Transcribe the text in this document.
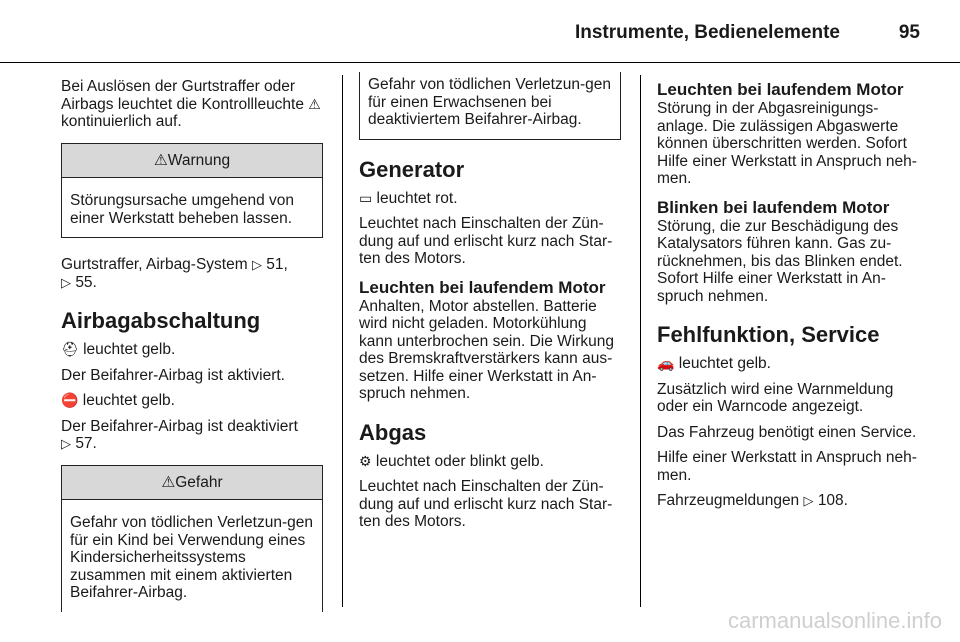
Instrumente, Bedienelemente	95

Bei Auslösen der Gurtstraffer oder Airbags leuchtet die Kontrollleuchte ⚠ kontinuierlich auf.

⚠Warnung
Störungsursache umgehend von einer Werkstatt beheben lassen.

Gurtstraffer, Airbag-System ▷ 51,
▷ 55.

Airbagabschaltung

⛑ leuchtet gelb.

Der Beifahrer-Airbag ist aktiviert.

⛔ leuchtet gelb.

Der Beifahrer-Airbag ist deaktiviert
▷ 57.

⚠Gefahr
Gefahr von tödlichen Verletzun-gen für ein Kind bei Verwendung eines Kindersicherheitssystems zusammen mit einem aktivierten Beifahrer-Airbag.
Gefahr von tödlichen Verletzun-gen für einen Erwachsenen bei deaktiviertem Beifahrer-Airbag.
Generator

▭ leuchtet rot.

Leuchtet nach Einschalten der Zün-dung auf und erlischt kurz nach Star-ten des Motors.

Leuchten bei laufendem Motor

Anhalten, Motor abstellen. Batterie wird nicht geladen. Motorkühlung kann unterbrochen sein. Die Wirkung des Bremskraftverstärkers kann aus-setzen. Hilfe einer Werkstatt in An-spruch nehmen.

Abgas

⚙ leuchtet oder blinkt gelb.

Leuchtet nach Einschalten der Zün-dung auf und erlischt kurz nach Star-ten des Motors.

Leuchten bei laufendem Motor

Störung in der Abgasreinigungs-anlage. Die zulässigen Abgaswerte können überschritten werden. Sofort Hilfe einer Werkstatt in Anspruch neh-men.

Blinken bei laufendem Motor

Störung, die zur Beschädigung des Katalysators führen kann. Gas zu-rücknehmen, bis das Blinken endet. Sofort Hilfe einer Werkstatt in An-spruch nehmen.

Fehlfunktion, Service

🚗 leuchtet gelb.

Zusätzlich wird eine Warnmeldung oder ein Warncode angezeigt.

Das Fahrzeug benötigt einen Service.

Hilfe einer Werkstatt in Anspruch neh-men.

Fahrzeugmeldungen ▷ 108.

carmanualsonline.info
